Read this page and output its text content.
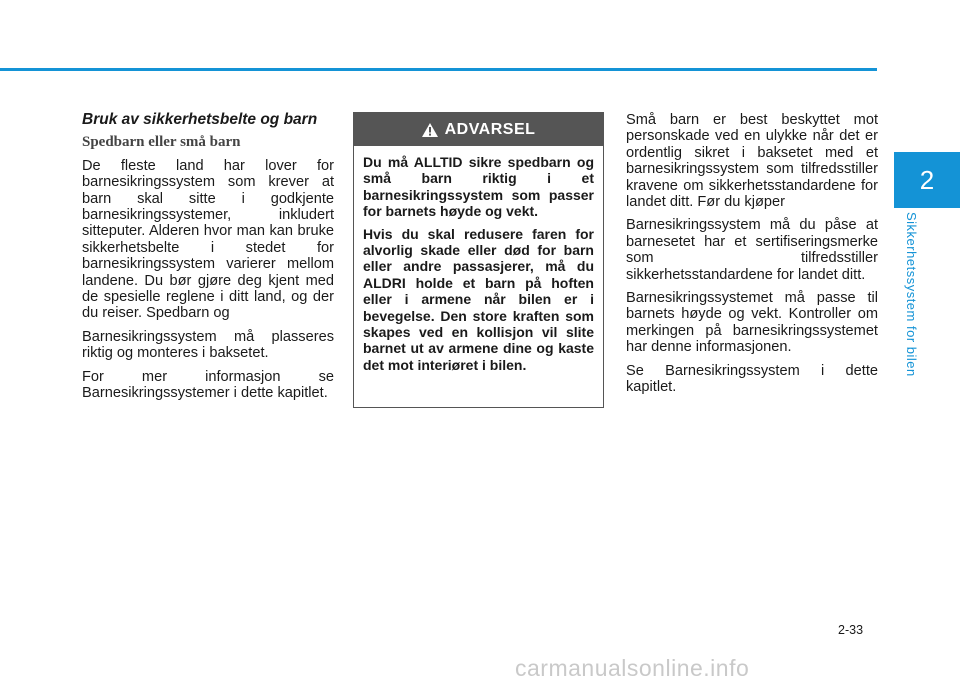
2
Sikkerhetssystem for bilen
Bruk av sikkerhetsbelte og barn
Spedbarn eller små barn

De fleste land har lover for barnesikringssystem som krever at barn skal sitte i godkjente barnesikringssystemer, inkludert sitteputer. Alderen hvor man kan bruke sikkerhetsbelte i stedet for barnesikringssystem varierer mellom landene. Du bør gjøre deg kjent med de spesielle reglene i ditt land, og der du reiser. Spedbarn og

Barnesikringssystem må plasseres riktig og monteres i baksetet.

For mer informasjon se Barnesikringssystemer i dette kapitlet.

ADVARSEL

Du må ALLTID sikre spedbarn og små barn riktig i et barnesikringssystem som passer for barnets høyde og vekt.

Hvis du skal redusere faren for alvorlig skade eller død for barn eller andre passasjerer, må du ALDRI holde et barn på hoften eller i armene når bilen er i bevegelse. Den store kraften som skapes ved en kollisjon vil slite barnet ut av armene dine og kaste det mot interiøret i bilen.

Små barn er best beskyttet mot personskade ved en ulykke når det er ordentlig sikret i baksetet med et barnesikringssystem som tilfredsstiller kravene om sikkerhetsstandardene for landet ditt. Før du kjøper

Barnesikringssystem må du påse at barnesetet har et sertifiseringsmerke som tilfredsstiller sikkerhetsstandardene for landet ditt.

Barnesikringssystemet må passe til barnets høyde og vekt. Kontroller om merkingen på barnesikringssystemet har denne informasjonen.

Se Barnesikringssystem i dette kapitlet.

2-33
carmanualsonline.info
